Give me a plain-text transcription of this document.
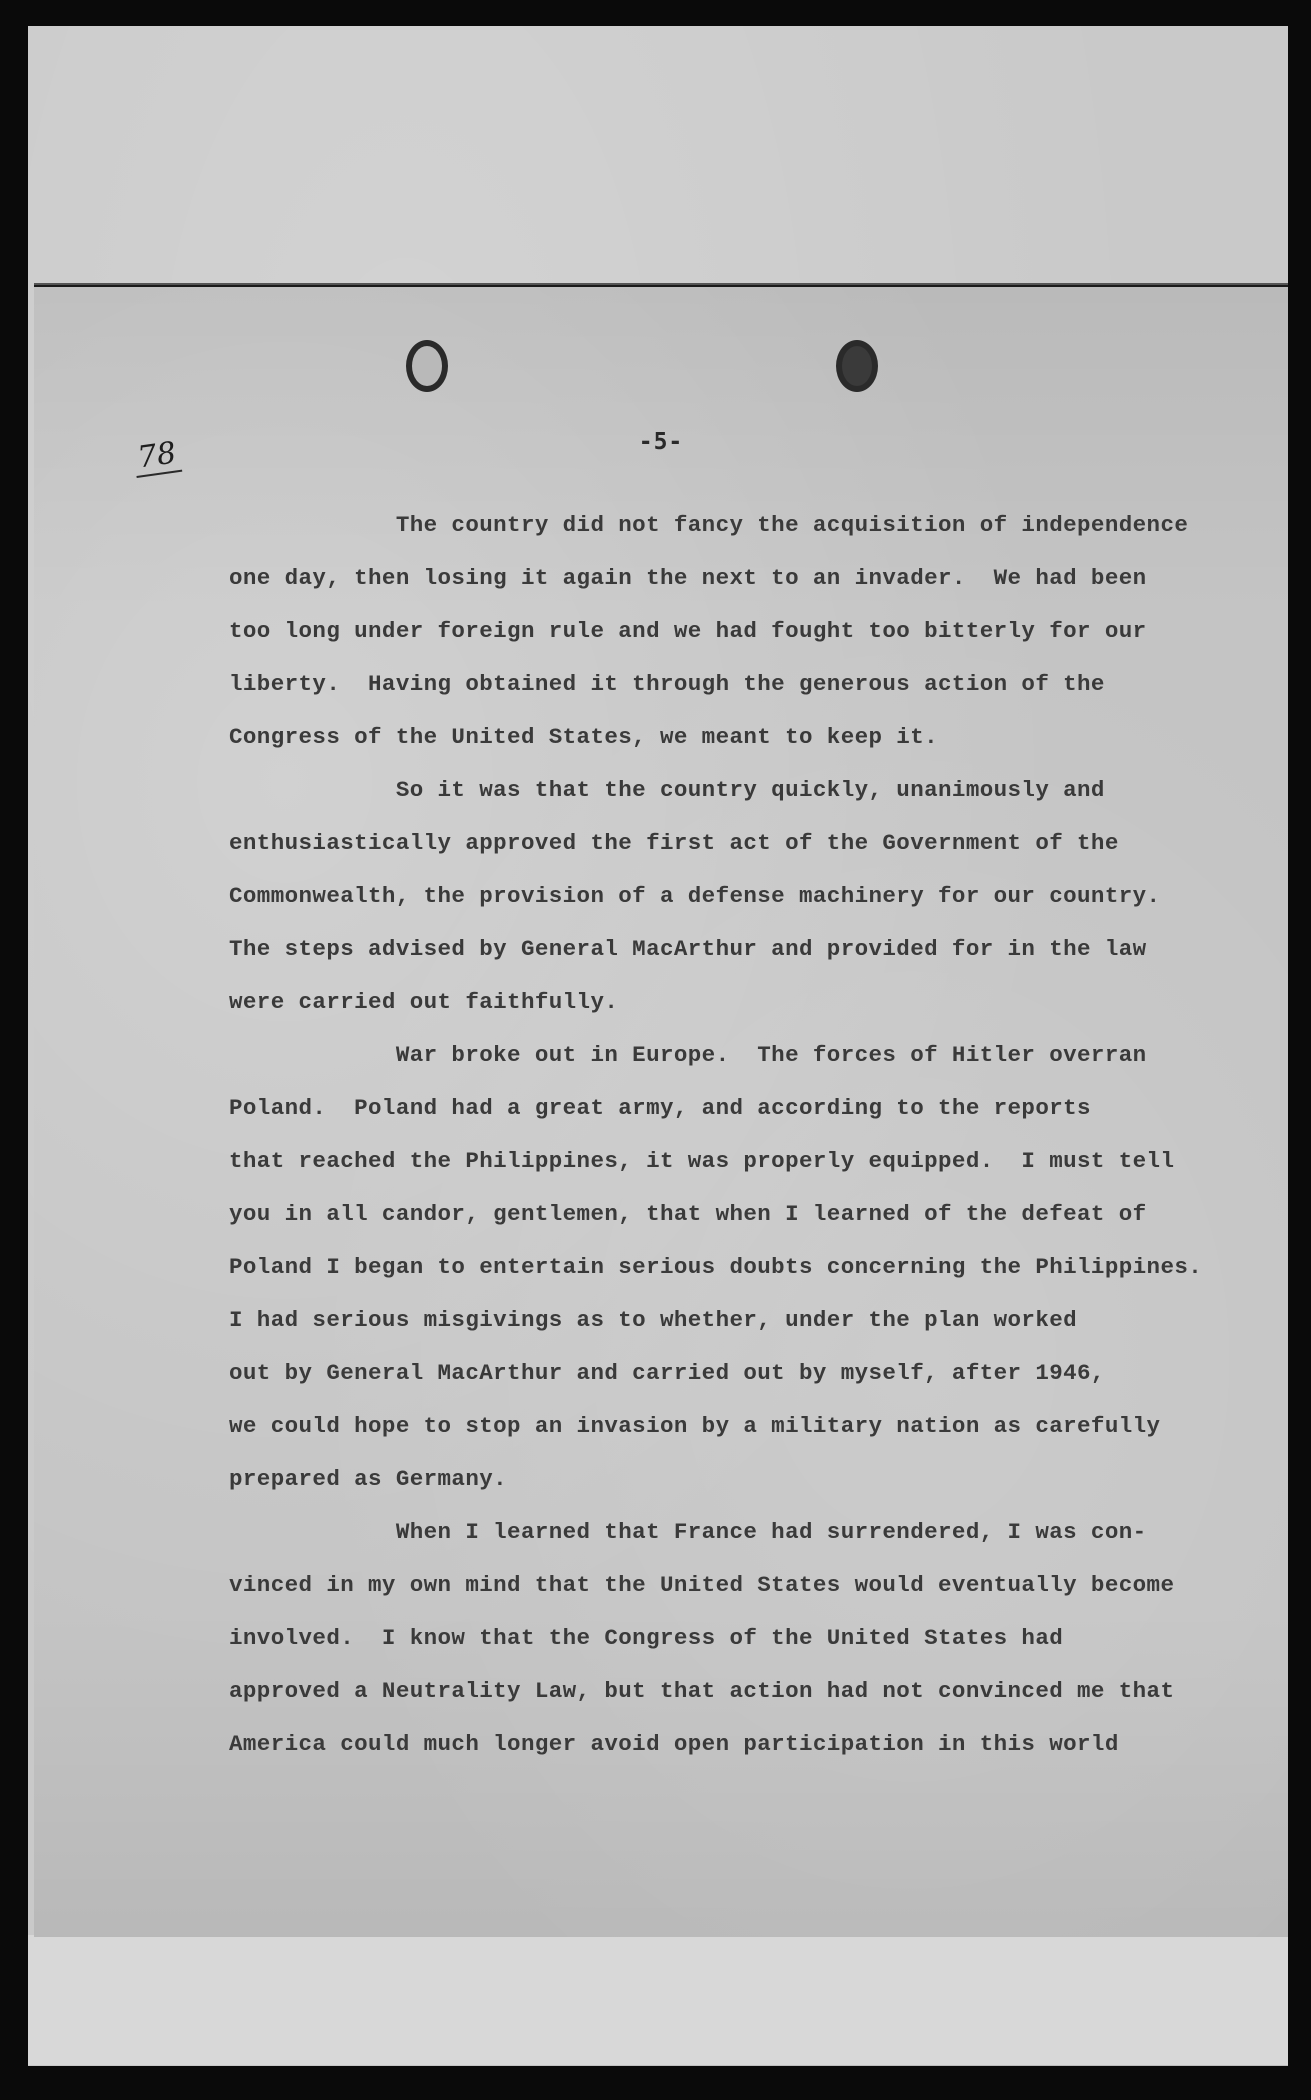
78	-5-
The country did not fancy the acquisition of independence
one day, then losing it again the next to an invader.  We had been
too long under foreign rule and we had fought too bitterly for our
liberty.  Having obtained it through the generous action of the
Congress of the United States, we meant to keep it.
So it was that the country quickly, unanimously and
enthusiastically approved the first act of the Government of the
Commonwealth, the provision of a defense machinery for our country.
The steps advised by General MacArthur and provided for in the law
were carried out faithfully.
War broke out in Europe.  The forces of Hitler overran
Poland.  Poland had a great army, and according to the reports
that reached the Philippines, it was properly equipped.  I must tell
you in all candor, gentlemen, that when I learned of the defeat of
Poland I began to entertain serious doubts concerning the Philippines.
I had serious misgivings as to whether, under the plan worked
out by General MacArthur and carried out by myself, after 1946,
we could hope to stop an invasion by a military nation as carefully
prepared as Germany.
When I learned that France had surrendered, I was con-
vinced in my own mind that the United States would eventually become
involved.  I know that the Congress of the United States had
approved a Neutrality Law, but that action had not convinced me that
America could much longer avoid open participation in this world
